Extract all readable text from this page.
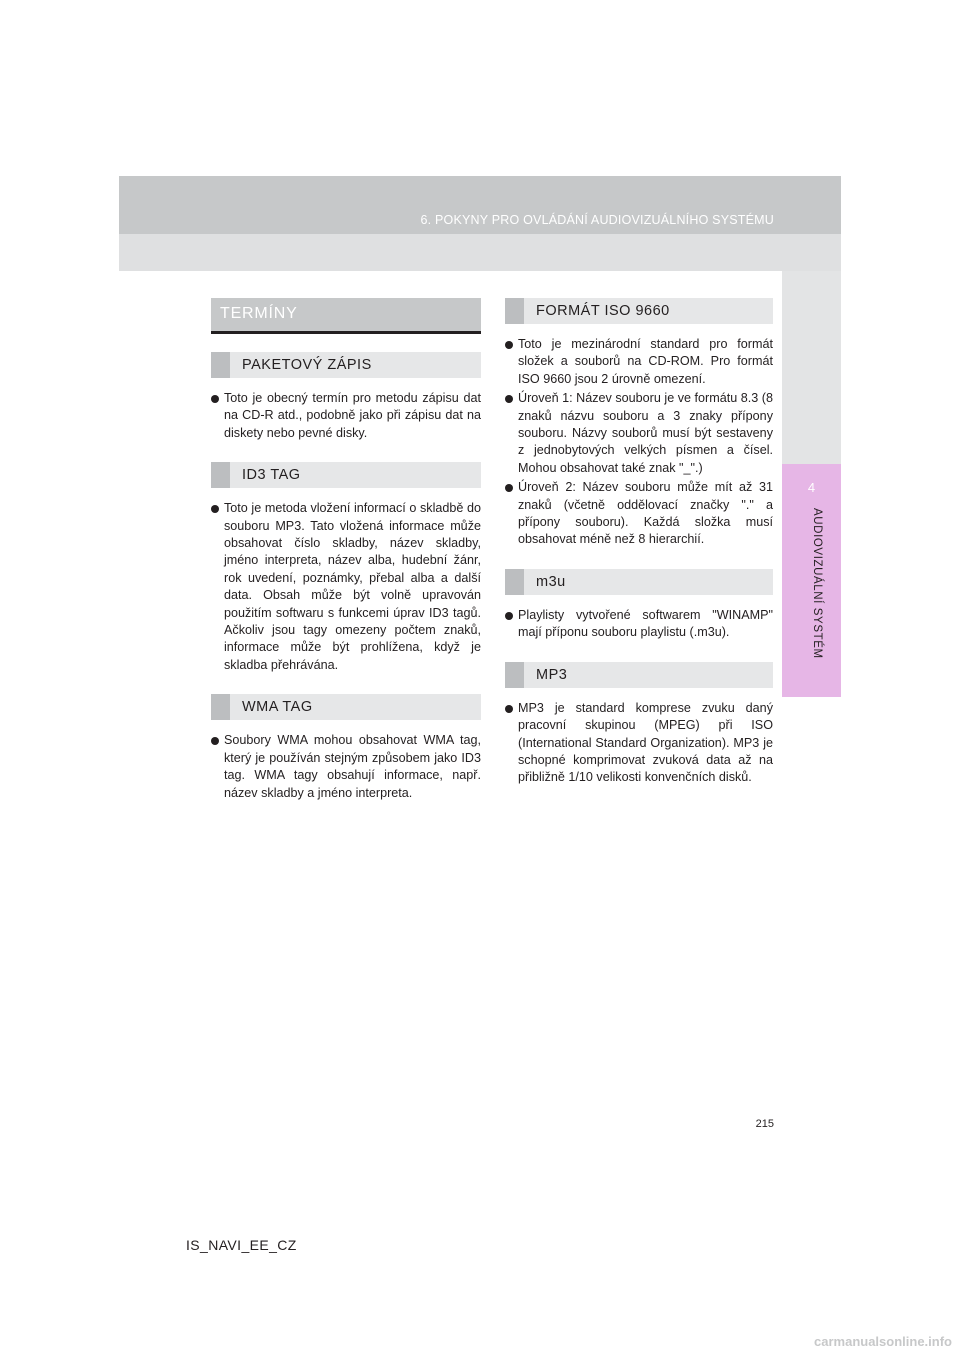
6. POKYNY PRO OVLÁDÁNÍ AUDIOVIZUÁLNÍHO SYSTÉMU
4
AUDIOVIZUÁLNÍ SYSTÉM
TERMÍNY
PAKETOVÝ ZÁPIS
Toto je obecný termín pro metodu zápisu dat na CD-R atd., podobně jako při zápisu dat na diskety nebo pevné disky.
ID3 TAG
Toto je metoda vložení informací o skladbě do souboru MP3. Tato vložená informace může obsahovat číslo skladby, název skladby, jméno interpreta, název alba, hudební žánr, rok uvedení, poznámky, přebal alba a další data. Obsah může být volně upravován použitím softwaru s funkcemi úprav ID3 tagů. Ačkoliv jsou tagy omezeny počtem znaků, informace může být prohlížena, když je skladba přehrávána.
WMA TAG
Soubory WMA mohou obsahovat WMA tag, který je používán stejným způsobem jako ID3 tag. WMA tagy obsahují informace, např. název skladby a jméno interpreta.
FORMÁT ISO 9660
Toto je mezinárodní standard pro formát složek a souborů na CD-ROM. Pro formát ISO 9660 jsou 2 úrovně omezení.
Úroveň 1: Název souboru je ve formátu 8.3 (8 znaků názvu souboru a 3 znaky přípony souboru. Názvy souborů musí být sestaveny z jednobytových velkých písmen a čísel. Mohou obsahovat také znak "_".)
Úroveň 2: Název souboru může mít až 31 znaků (včetně oddělovací značky "." a přípony souboru). Každá složka musí obsahovat méně než 8 hierarchií.
m3u
Playlisty vytvořené softwarem "WINAMP" mají příponu souboru playlistu (.m3u).
MP3
MP3 je standard komprese zvuku daný pracovní skupinou (MPEG) při ISO (International Standard Organization). MP3 je schopné komprimovat zvuková data až na přibližně 1/10 velikosti konvenčních disků.
215
IS_NAVI_EE_CZ
carmanualsonline.info
